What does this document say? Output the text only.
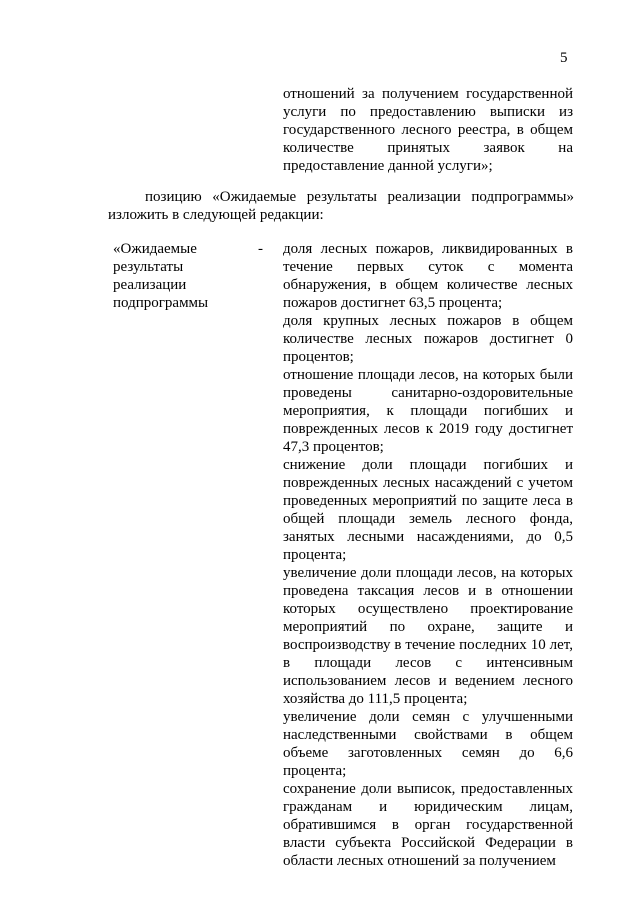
5
отношений за получением государственной услуги по предоставлению выписки из государственного лесного реестра, в общем количестве принятых заявок на предоставление данной услуги»;
позицию «Ожидаемые результаты реализации подпрограммы» изложить в следующей редакции:
«Ожидаемые результаты реализации подпрограммы
- доля лесных пожаров, ликвидированных в течение первых суток с момента обнаружения, в общем количестве лесных пожаров достигнет 63,5 процента;

доля крупных лесных пожаров в общем количестве лесных пожаров достигнет 0 процентов;

отношение площади лесов, на которых были проведены санитарно-оздоровительные мероприятия, к площади погибших и поврежденных лесов к 2019 году достигнет 47,3 процентов;

снижение доли площади погибших и поврежденных лесных насаждений с учетом проведенных мероприятий по защите леса в общей площади земель лесного фонда, занятых лесными насаждениями, до 0,5 процента;

увеличение доли площади лесов, на которых проведена таксация лесов и в отношении которых осуществлено проектирование мероприятий по охране, защите и воспроизводству в течение последних 10 лет, в площади лесов с интенсивным использованием лесов и ведением лесного хозяйства до 111,5 процента;

увеличение доли семян с улучшенными наследственными свойствами в общем объеме заготовленных семян до 6,6 процента;

сохранение доли выписок, предоставленных гражданам и юридическим лицам, обратившимся в орган государственной власти субъекта Российской Федерации в области лесных отношений за получением
